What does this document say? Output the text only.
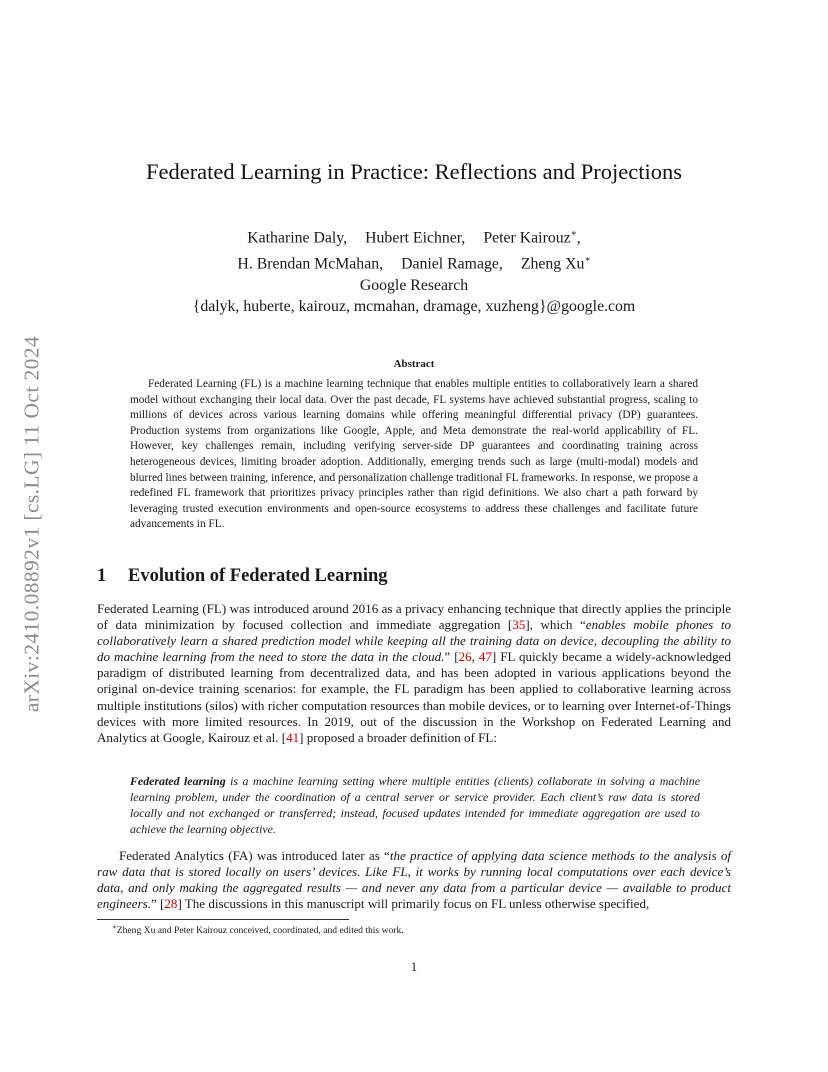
arXiv:2410.08892v1 [cs.LG] 11 Oct 2024
Federated Learning in Practice: Reflections and Projections
Katharine Daly, Hubert Eichner, Peter Kairouz∗,
H. Brendan McMahan, Daniel Ramage, Zheng Xu∗
Google Research
{dalyk, huberte, kairouz, mcmahan, dramage, xuzheng}@google.com
Abstract

Federated Learning (FL) is a machine learning technique that enables multiple entities to collaboratively learn a shared model without exchanging their local data. Over the past decade, FL systems have achieved substantial progress, scaling to millions of devices across various learning domains while offering meaningful differential privacy (DP) guarantees. Production systems from organizations like Google, Apple, and Meta demonstrate the real-world applicability of FL. However, key challenges remain, including verifying server-side DP guarantees and coordinating training across heterogeneous devices, limiting broader adoption. Additionally, emerging trends such as large (multi-modal) models and blurred lines between training, inference, and personalization challenge traditional FL frameworks. In response, we propose a redefined FL framework that prioritizes privacy principles rather than rigid definitions. We also chart a path forward by leveraging trusted execution environments and open-source ecosystems to address these challenges and facilitate future advancements in FL.

1 Evolution of Federated Learning

Federated Learning (FL) was introduced around 2016 as a privacy enhancing technique that directly applies the principle of data minimization by focused collection and immediate aggregation [35], which “enables mobile phones to collaboratively learn a shared prediction model while keeping all the training data on device, decoupling the ability to do machine learning from the need to store the data in the cloud.” [26, 47] FL quickly became a widely-acknowledged paradigm of distributed learning from decentralized data, and has been adopted in various applications beyond the original on-device training scenarios: for example, the FL paradigm has been applied to collaborative learning across multiple institutions (silos) with richer computation resources than mobile devices, or to learning over Internet-of-Things devices with more limited resources. In 2019, out of the discussion in the Workshop on Federated Learning and Analytics at Google, Kairouz et al. [41] proposed a broader definition of FL:

Federated learning is a machine learning setting where multiple entities (clients) collaborate in solving a machine learning problem, under the coordination of a central server or service provider. Each client’s raw data is stored locally and not exchanged or transferred; instead, focused updates intended for immediate aggregation are used to achieve the learning objective.

Federated Analytics (FA) was introduced later as “the practice of applying data science methods to the analysis of raw data that is stored locally on users’ devices. Like FL, it works by running local computations over each device’s data, and only making the aggregated results — and never any data from a particular device — available to product engineers.” [28] The discussions in this manuscript will primarily focus on FL unless otherwise specified,

∗Zheng Xu and Peter Kairouz conceived, coordinated, and edited this work.

1
